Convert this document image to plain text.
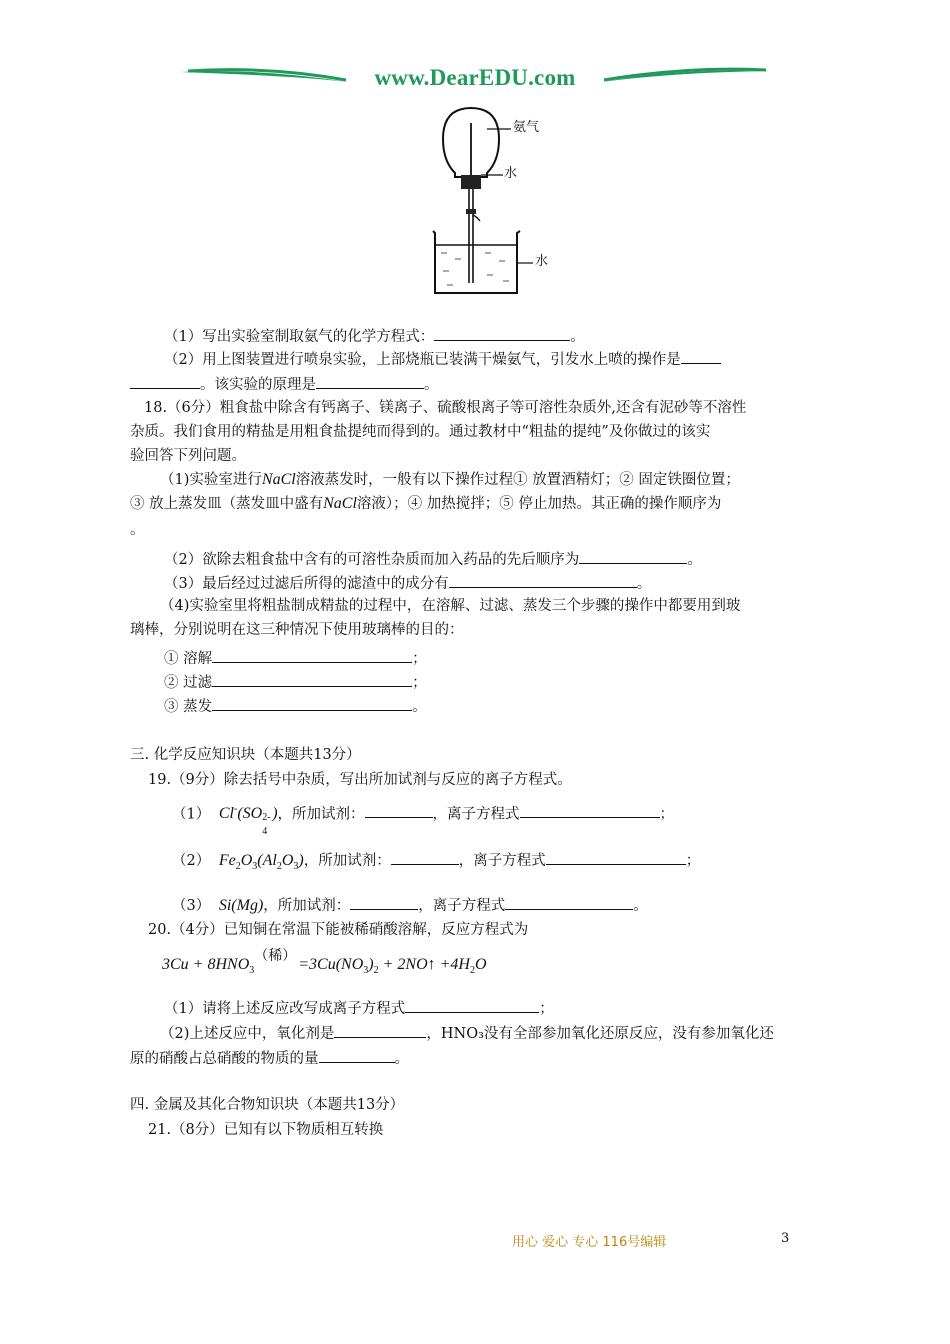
www.DearEDU.com
氨气
水
水
（1）写出实验室制取氨气的化学方程式：	。
（2）用上图装置进行喷泉实验，上部烧瓶已装满干燥氨气，引发水上喷的操作是
。该实验的原理是	。
18.（6分）粗食盐中除含有钙离子、镁离子、硫酸根离子等可溶性杂质外,还含有泥砂等不溶性
杂质。我们食用的精盐是用粗食盐提纯而得到的。通过教材中“粗盐的提纯”及你做过的该实
验回答下列问题。
（1)实验室进行NaCl溶液蒸发时，一般有以下操作过程① 放置酒精灯；② 固定铁圈位置；
③ 放上蒸发皿（蒸发皿中盛有NaCl溶液）；④ 加热搅拌；⑤ 停止加热。其正确的操作顺序为
。
（2）欲除去粗食盐中含有的可溶性杂质而加入药品的先后顺序为	。
（3）最后经过过滤后所得的滤渣中的成分有	。
（4)实验室里将粗盐制成精盐的过程中，在溶解、过滤、蒸发三个步骤的操作中都要用到玻
璃棒，分别说明在这三种情况下使用玻璃棒的目的：
① 溶解	；
② 过滤	；
③ 蒸发	。
三. 化学反应知识块（本题共13分）
19.（9分）除去括号中杂质，写出所加试剂与反应的离子方程式。
（1） Cl-(SO 2-
4
)，所加试剂：	，离子方程式	；
（2） $Fe_2O_3(Al_2O_3)$，所加试剂：	，离子方程式	；
（3） Si(Mg)，所加试剂：	，离子方程式	。
20.（4分）已知铜在常温下能被稀硝酸溶解，反应方程式为
$3Cu + 8HNO_3$（稀） $=3Cu(NO_3)_2$ + 2NO↑ $+4H_2O$
（1）请将上述反应改写成离子方程式	；
（2)上述反应中，氧化剂是	，HNO₃没有全部参加氧化还原反应，没有参加氧化还
原的硝酸占总硝酸的物质的量	。
四. 金属及其化合物知识块（本题共13分）
21.（8分）已知有以下物质相互转换
用心 爱心 专心 116号编辑	3
